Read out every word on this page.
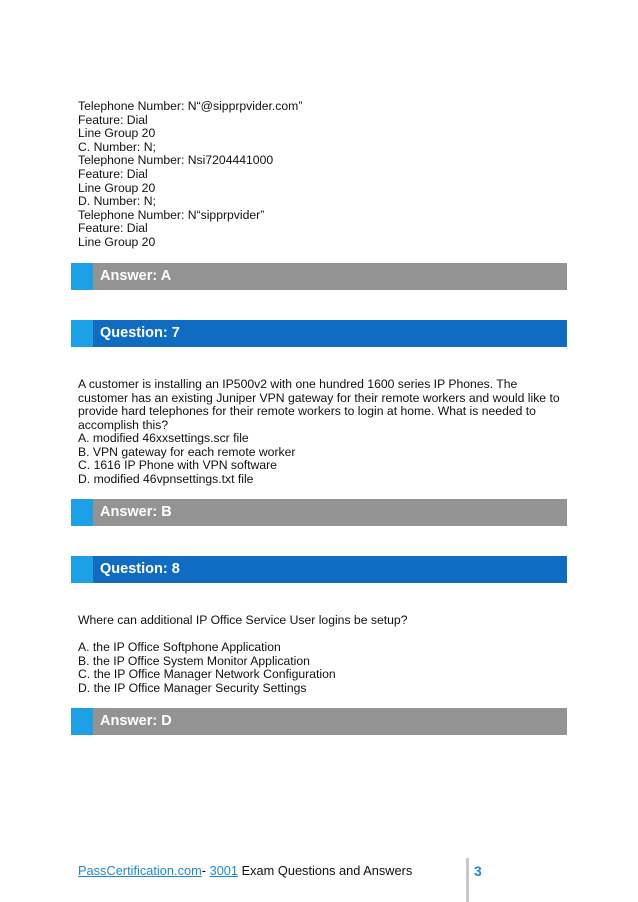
Telephone Number: N“@sipprpvider.com”
Feature: Dial
Line Group 20
C. Number: N;
Telephone Number: Nsi7204441000
Feature: Dial
Line Group 20
D. Number: N;
Telephone Number: N“sipprpvider”
Feature: Dial
Line Group 20
Answer: A
Question: 7
A customer is installing an IP500v2 with one hundred 1600 series IP Phones. The customer has an existing Juniper VPN gateway for their remote workers and would like to provide hard telephones for their remote workers to login at home. What is needed to accomplish this?
A. modified 46xxsettings.scr file
B. VPN gateway for each remote worker
C. 1616 IP Phone with VPN software
D. modified 46vpnsettings.txt file
Answer: B
Question: 8
Where can additional IP Office Service User logins be setup?
A. the IP Office Softphone Application
B. the IP Office System Monitor Application
C. the IP Office Manager Network Configuration
D. the IP Office Manager Security Settings
Answer: D
PassCertification.com- 3001 Exam Questions and Answers	3
